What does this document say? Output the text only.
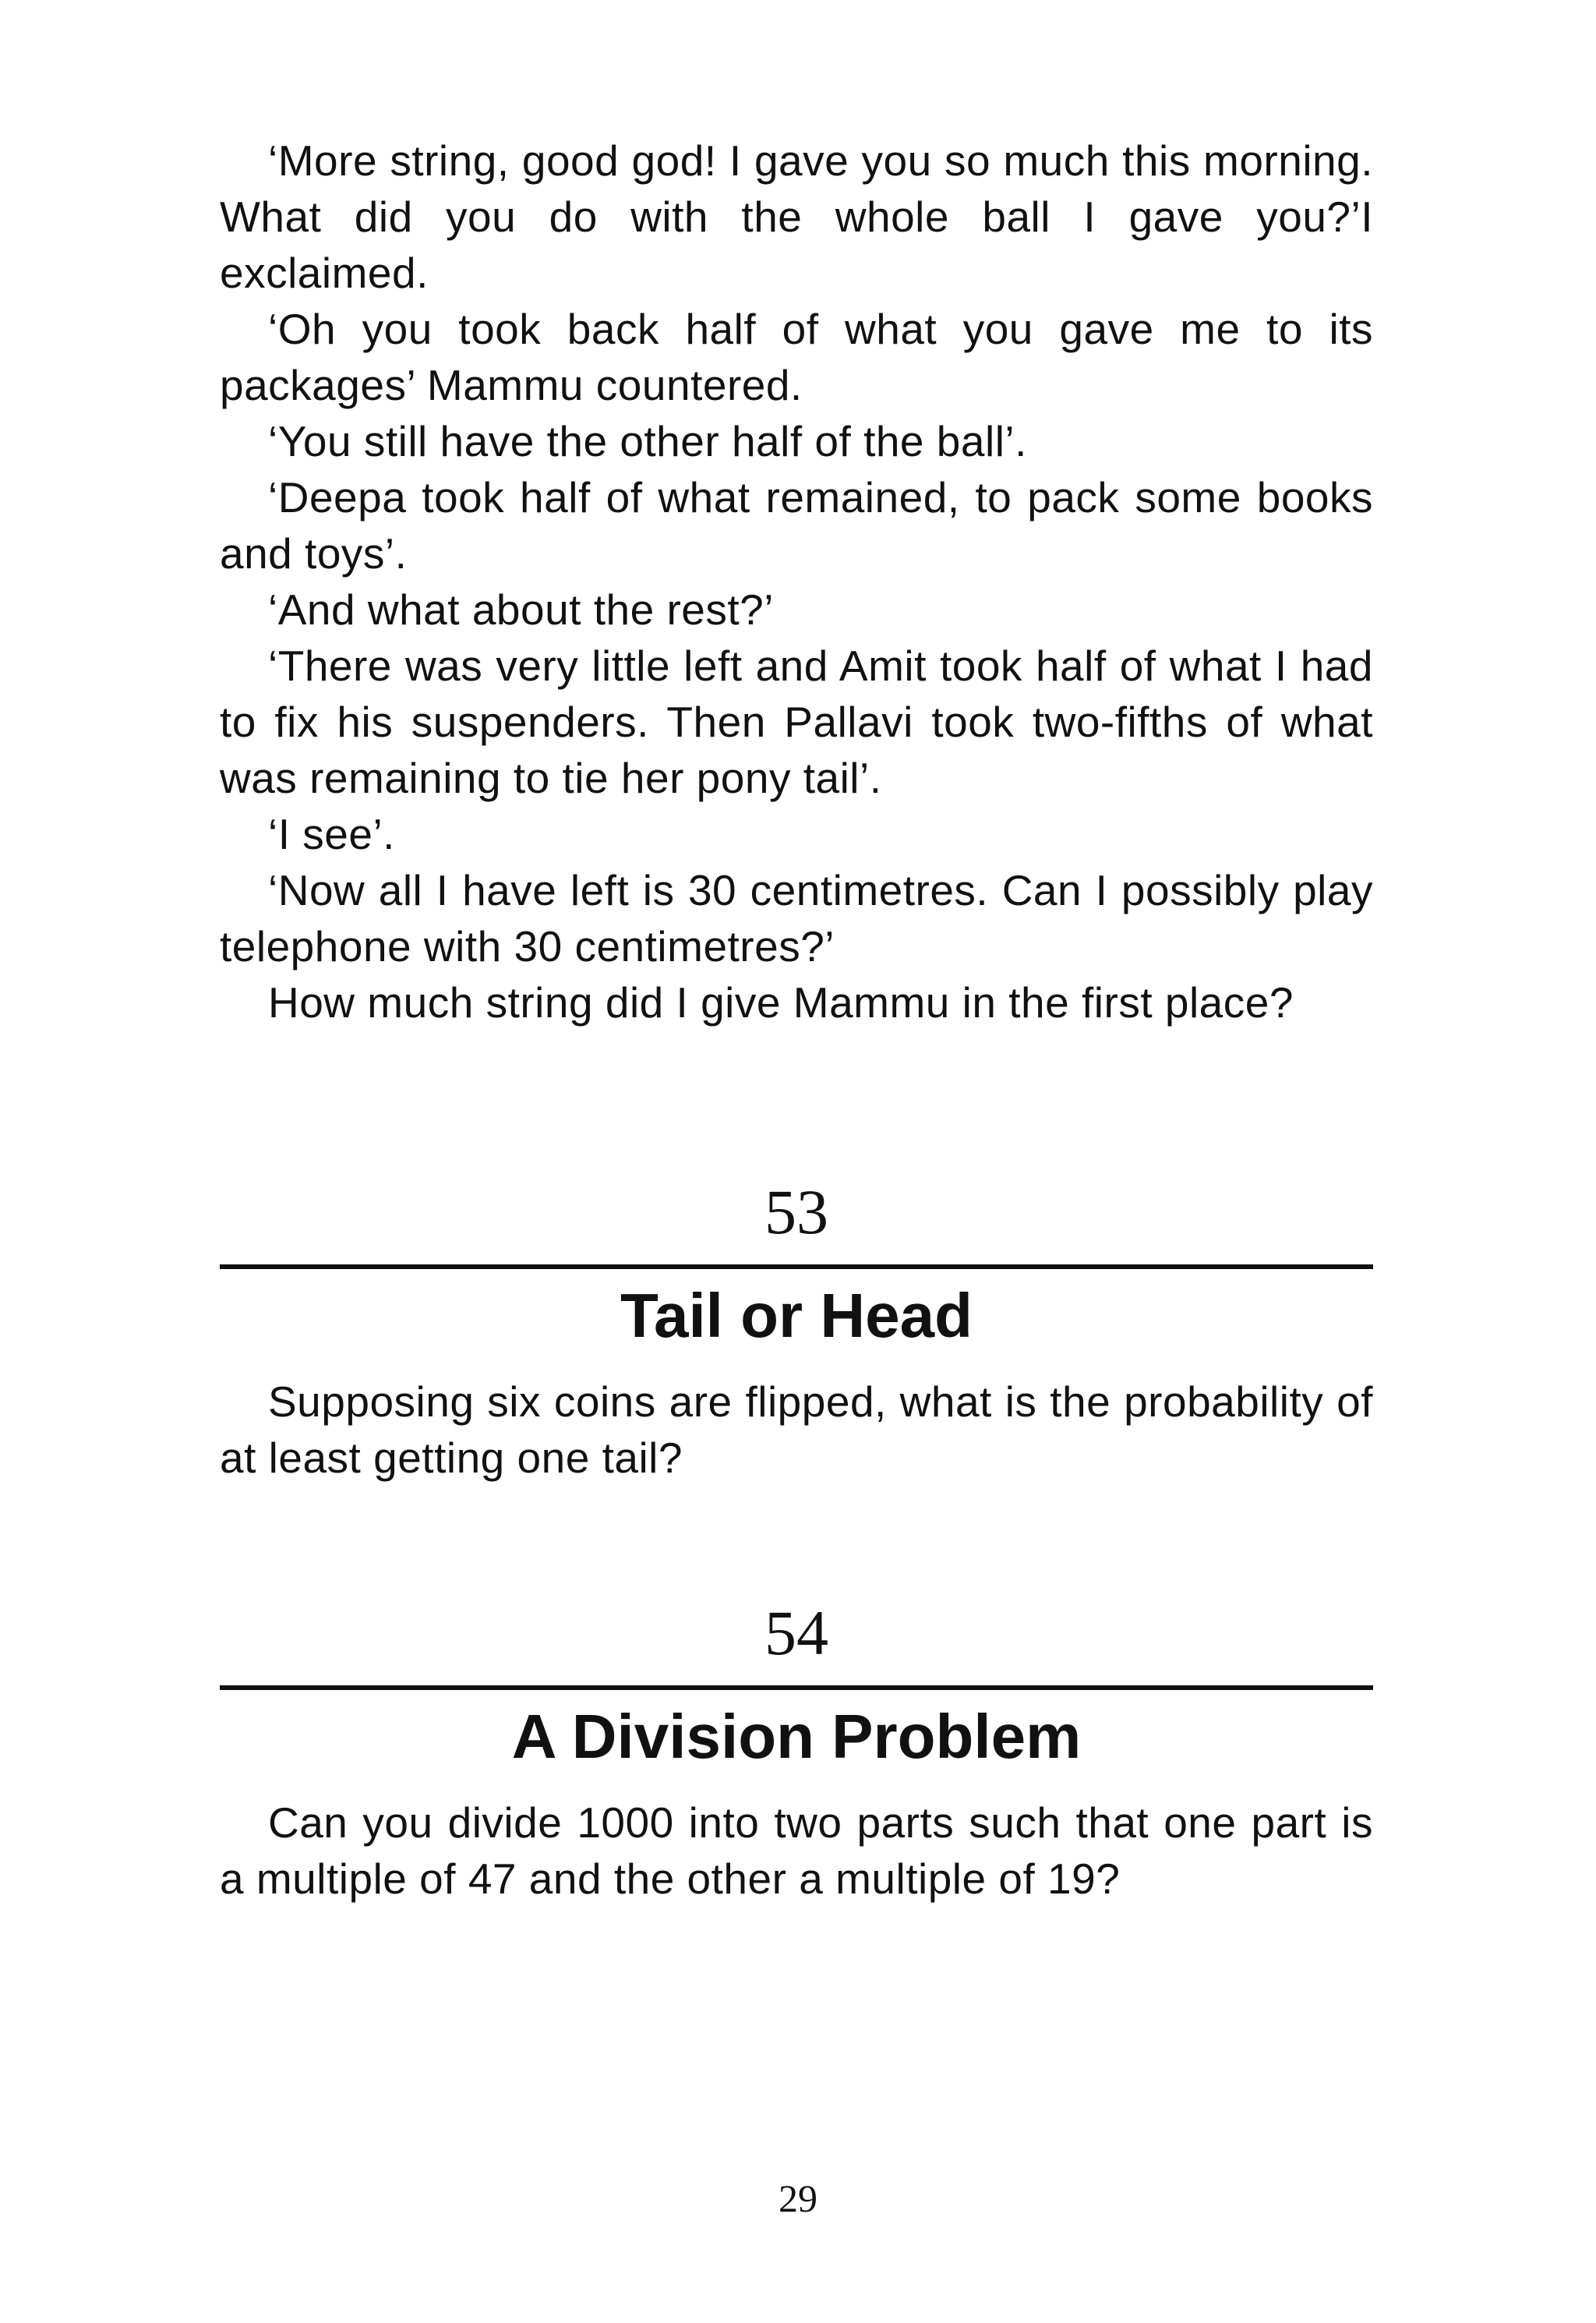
‘More string, good god! I gave you so much this morning. What did you do with the whole ball I gave you?’I exclaimed.

‘Oh you took back half of what you gave me to its packages’ Mammu countered.

‘You still have the other half of the ball’.

‘Deepa took half of what remained, to pack some books and toys’.

‘And what about the rest?’

‘There was very little left and Amit took half of what I had to fix his suspenders. Then Pallavi took two-fifths of what was remaining to tie her pony tail’.

‘I see’.

‘Now all I have left is 30 centimetres. Can I possibly play telephone with 30 centimetres?’

How much string did I give Mammu in the first place?

53
Tail or Head

Supposing six coins are flipped, what is the probability of at least getting one tail?

54
A Division Problem

Can you divide 1000 into two parts such that one part is a multiple of 47 and the other a multiple of 19?

29
